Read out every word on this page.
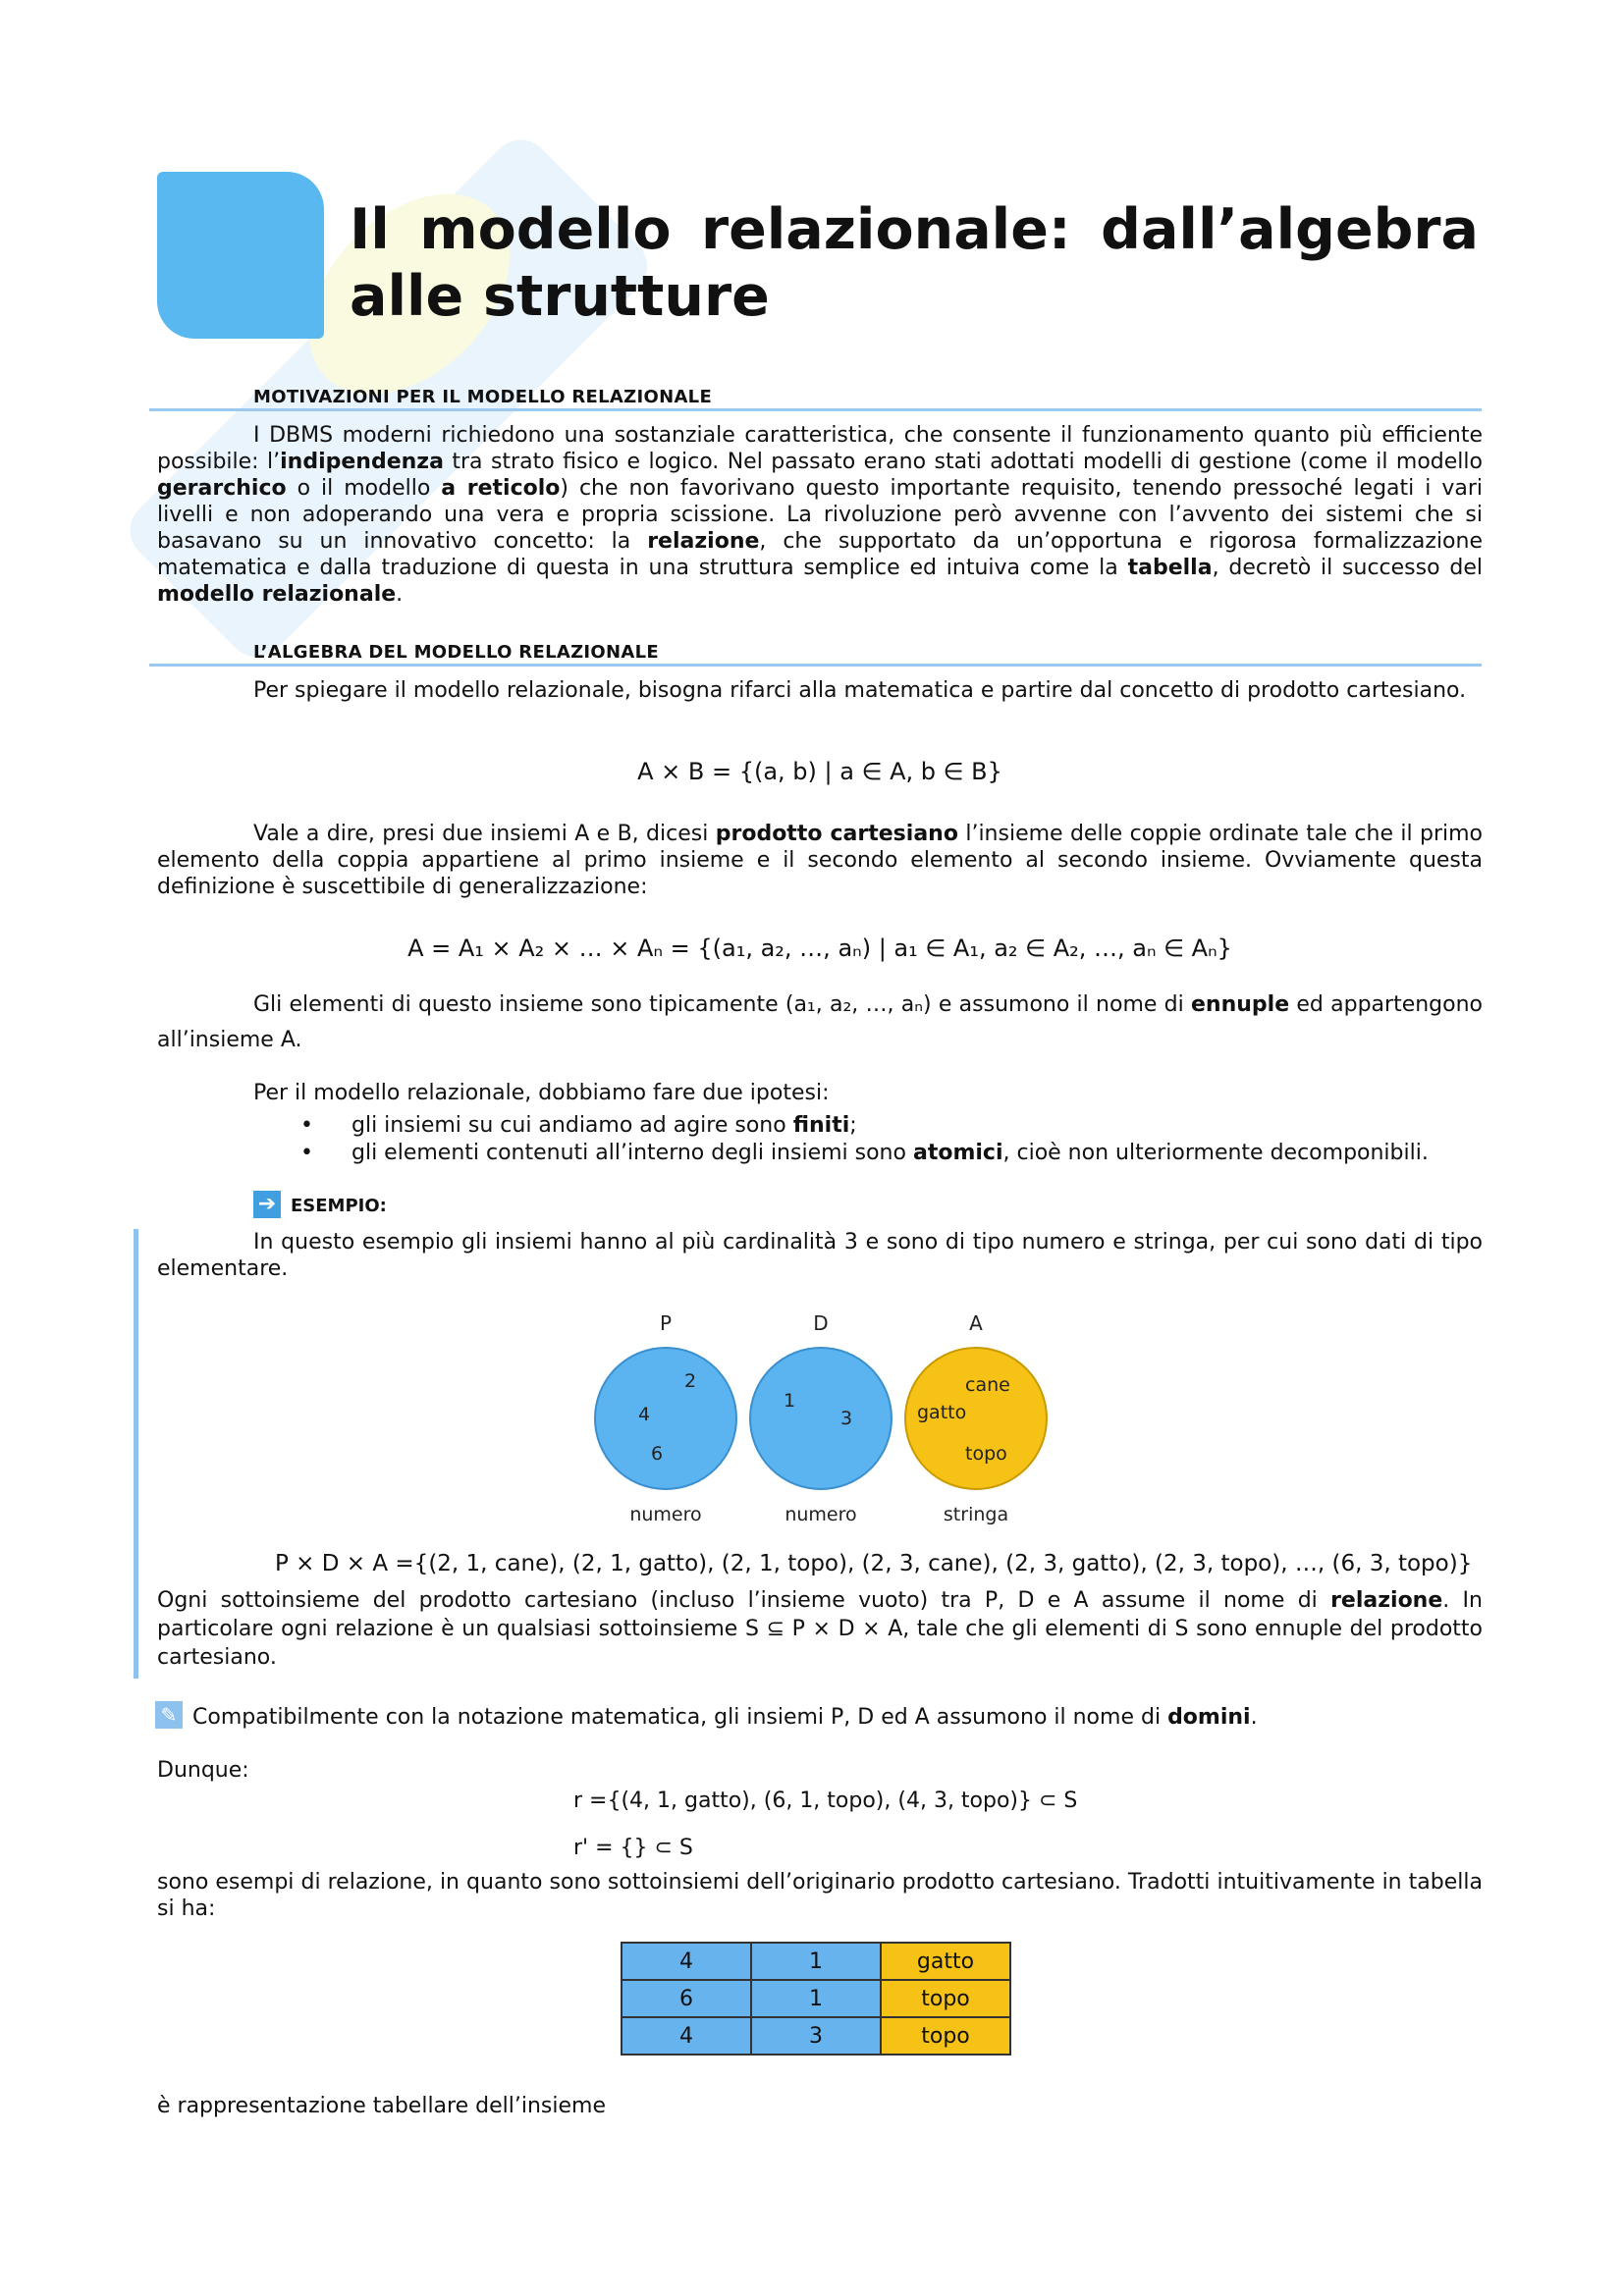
Il modello relazionale: dall’algebra alle strutture
MOTIVAZIONI PER IL MODELLO RELAZIONALE
I DBMS moderni richiedono una sostanziale caratteristica, che consente il funzionamento quanto più efficiente possibile: l’indipendenza tra strato fisico e logico. Nel passato erano stati adottati modelli di gestione (come il modello gerarchico o il modello a reticolo) che non favorivano questo importante requisito, tenendo pressoché legati i vari livelli e non adoperando una vera e propria scissione. La rivoluzione però avvenne con l’avvento dei sistemi che si basavano su un innovativo concetto: la relazione, che supportato da un’opportuna e rigorosa formalizzazione matematica e dalla traduzione di questa in una struttura semplice ed intuiva come la tabella, decretò il successo del modello relazionale.
L’ALGEBRA DEL MODELLO RELAZIONALE
Per spiegare il modello relazionale, bisogna rifarci alla matematica e partire dal concetto di prodotto cartesiano.
A × B = {(a, b) | a ∈ A, b ∈ B}
Vale a dire, presi due insiemi A e B, dicesi prodotto cartesiano l’insieme delle coppie ordinate tale che il primo elemento della coppia appartiene al primo insieme e il secondo elemento al secondo insieme. Ovviamente questa definizione è suscettibile di generalizzazione:
A = A₁ × A₂ × … × Aₙ = {(a₁, a₂, …, aₙ) | a₁ ∈ A₁, a₂ ∈ A₂, …, aₙ ∈ Aₙ}
Gli elementi di questo insieme sono tipicamente (a₁, a₂, …, aₙ) e assumono il nome di ennuple ed appartengono all’insieme A.
Per il modello relazionale, dobbiamo fare due ipotesi:
• gli insiemi su cui andiamo ad agire sono finiti;
• gli elementi contenuti all’interno degli insiemi sono atomici, cioè non ulteriormente decomponibili.
➔ ESEMPIO:
In questo esempio gli insiemi hanno al più cardinalità 3 e sono di tipo numero e stringa, per cui sono dati di tipo elementare.
P	D	A
2
4
6
1
3
cane
gatto
topo
numero	numero	stringa
P × D × A ={(2, 1, cane), (2, 1, gatto), (2, 1, topo), (2, 3, cane), (2, 3, gatto), (2, 3, topo), …, (6, 3, topo)}
Ogni sottoinsieme del prodotto cartesiano (incluso l’insieme vuoto) tra P, D e A assume il nome di relazione. In particolare ogni relazione è un qualsiasi sottoinsieme S ⊆ P × D × A, tale che gli elementi di S sono ennuple del prodotto cartesiano.
✎ Compatibilmente con la notazione matematica, gli insiemi P, D ed A assumono il nome di domini.
Dunque:
r ={(4, 1, gatto), (6, 1, topo), (4, 3, topo)} ⊂ S
r' = {} ⊂ S
sono esempi di relazione, in quanto sono sottoinsiemi dell’originario prodotto cartesiano. Tradotti intuitivamente in tabella si ha:
4	1	gatto
6	1	topo
4	3	topo
è rappresentazione tabellare dell’insieme
